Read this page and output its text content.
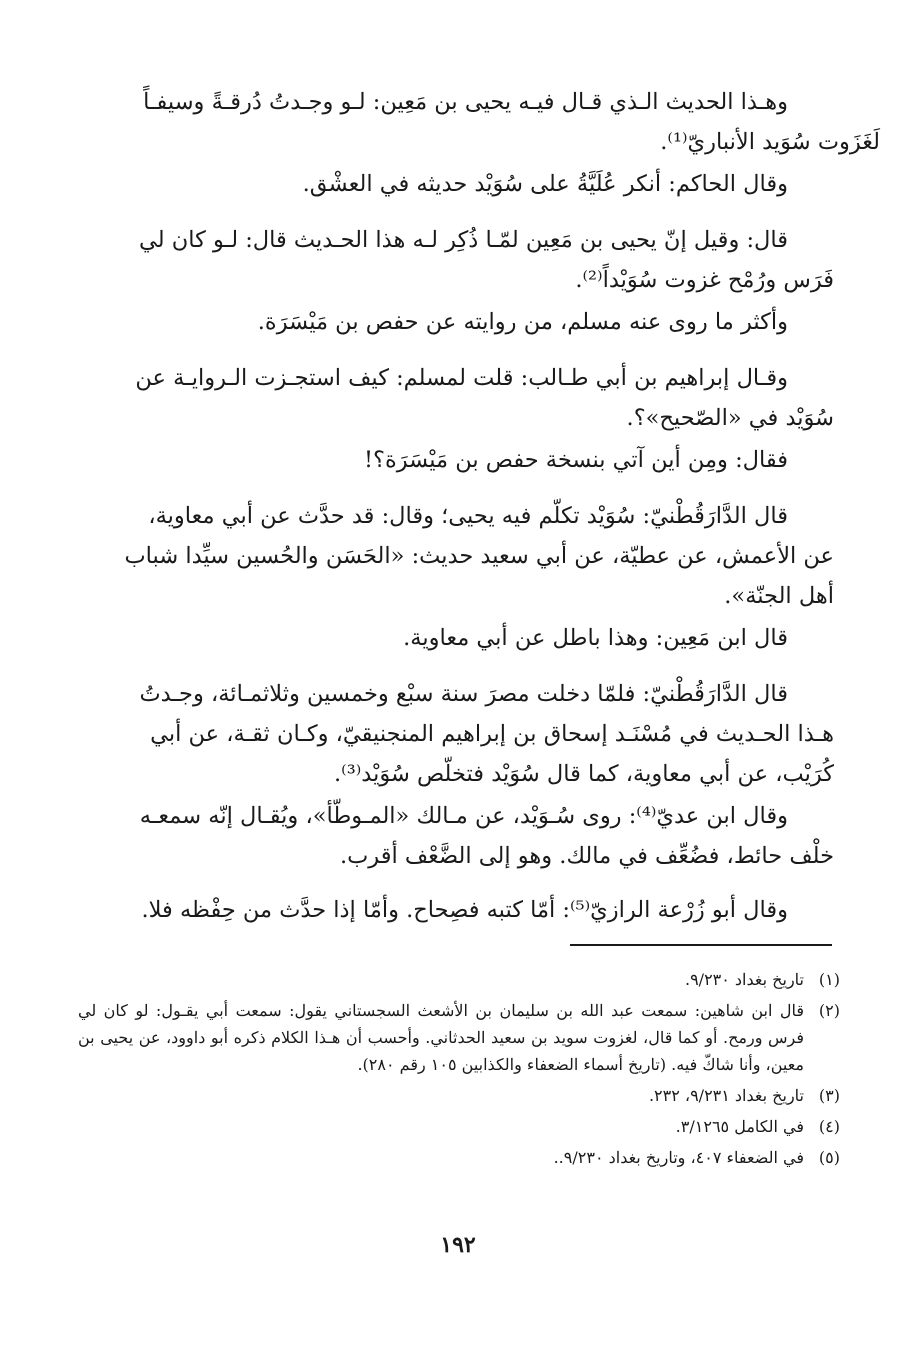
وهـذا الحديث الـذي قـال فيـه يحيى بن مَعِين: لـو وجـدتُ دُرقـةً وسيفـاً
لَغَزَوت سُوَيد الأنباريّ⁽¹⁾.

وقال الحاكم: أنكر عُلَيَّةُ على سُوَيْد حديثه في العشْق.

قال: وقيل إنّ يحيى بن مَعِين لمّـا ذُكِر لـه هذا الحـديث قال: لـو كان لي
فَرَس ورُمْح غزوت سُوَيْداً⁽²⁾.

وأكثر ما روى عنه مسلم، من روايته عن حفص بن مَيْسَرَة.

وقـال إبراهيم بن أبي طـالب: قلت لمسلم: كيف استجـزت الـروايـة عن
سُوَيْد في «الصّحيح»؟.

فقال: ومِن أين آتي بنسخة حفص بن مَيْسَرَة؟!

قال الدَّارَقُطْنيّ: سُوَيْد تكلّم فيه يحيى؛ وقال: قد حدَّث عن أبي معاوية،
عن الأعمش، عن عطيّة، عن أبي سعيد حديث: «الحَسَن والحُسين سيِّدا شباب
أهل الجنّة».

قال ابن مَعِين: وهذا باطل عن أبي معاوية.

قال الدَّارَقُطْنيّ: فلمّا دخلت مصرَ سنة سبْع وخمسين وثلاثمـائة، وجـدتُ
هـذا الحـديث في مُسْنَـد إسحاق بن إبراهيم المنجنيقيّ، وكـان ثقـة، عن أبي
كُرَيْب، عن أبي معاوية، كما قال سُوَيْد فتخلّص سُوَيْد⁽³⁾.

وقال ابن عديّ⁽⁴⁾: روى سُـوَيْد، عن مـالك «المـوطّأ»، ويُقـال إنّه سمعـه
خلْف حائط، فضُعِّف في مالك. وهو إلى الضَّعْف أقرب.

وقال أبو زُرْعة الرازيّ⁽⁵⁾: أمّا كتبه فصِحاح. وأمّا إذا حدَّث من حِفْظه فلا.

(١)
تاريخ بغداد ٩/٢٣٠.
(٢)
قال ابن شاهين: سمعت عبد الله بن سليمان بن الأشعث السجستاني يقول: سمعت أبي يقـول: لو كان لي فرس ورمح. أو كما قال، لغزوت سويد بن سعيد الحدثاني. وأحسب أن هـذا الكلام ذكره أبو داوود، عن يحيى بن معين، وأنا شاكّ فيه. (تاريخ أسماء الضعفاء والكذابين ١٠٥ رقم ٢٨٠).
(٣)
تاريخ بغداد ٩/٢٣١، ٢٣٢.
(٤)
في الكامل ٣/١٢٦٥.
(٥)
في الضعفاء ٤٠٧، وتاريخ بغداد ٩/٢٣٠..
١٩٢
